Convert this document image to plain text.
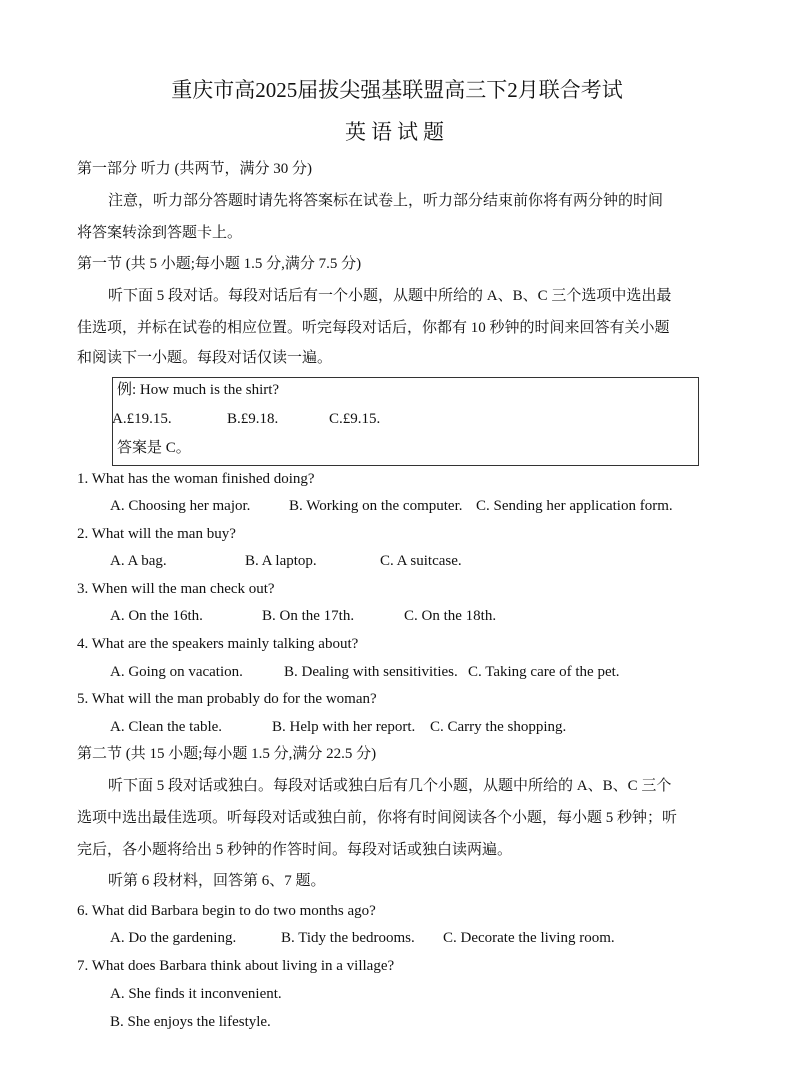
重庆市高2025届拔尖强基联盟高三下2月联合考试
英语试题
第一部分 听力 (共两节，满分 30 分)
注意，听力部分答题时请先将答案标在试卷上，听力部分结束前你将有两分钟的时间
将答案转涂到答题卡上。
第一节 (共 5 小题;每小题 1.5 分,满分 7.5 分)
听下面 5 段对话。每段对话后有一个小题，从题中所给的 A、B、C 三个选项中选出最
佳选项，并标在试卷的相应位置。听完每段对话后，你都有 10 秒钟的时间来回答有关小题
和阅读下一小题。每段对话仅读一遍。
例: How much is the shirt?
A.£19.15.	B.£9.18.	C.£9.15.
答案是 C。
1. What has the woman finished doing?
A. Choosing her major.	B. Working on the computer. C. Sending her application form.
2. What will the man buy?
A. A bag.	B. A laptop.	C. A suitcase.
3. When will the man check out?
A. On the 16th.	B. On the 17th.	C. On the 18th.
4. What are the speakers mainly talking about?
A. Going on vacation.	B. Dealing with sensitivities. C. Taking care of the pet.
5. What will the man probably do for the woman?
A. Clean the table.	B. Help with her report. C. Carry the shopping.
第二节 (共 15 小题;每小题 1.5 分,满分 22.5 分)
听下面 5 段对话或独白。每段对话或独白后有几个小题，从题中所给的 A、B、C 三个
选项中选出最佳选项。听每段对话或独白前，你将有时间阅读各个小题，每小题 5 秒钟；听
完后，各小题将给出 5 秒钟的作答时间。每段对话或独白读两遍。
听第 6 段材料，回答第 6、7 题。
6. What did Barbara begin to do two months ago?
A. Do the gardening.	B. Tidy the bedrooms. C. Decorate the living room.
7. What does Barbara think about living in a village?
A. She finds it inconvenient.
B. She enjoys the lifestyle.
